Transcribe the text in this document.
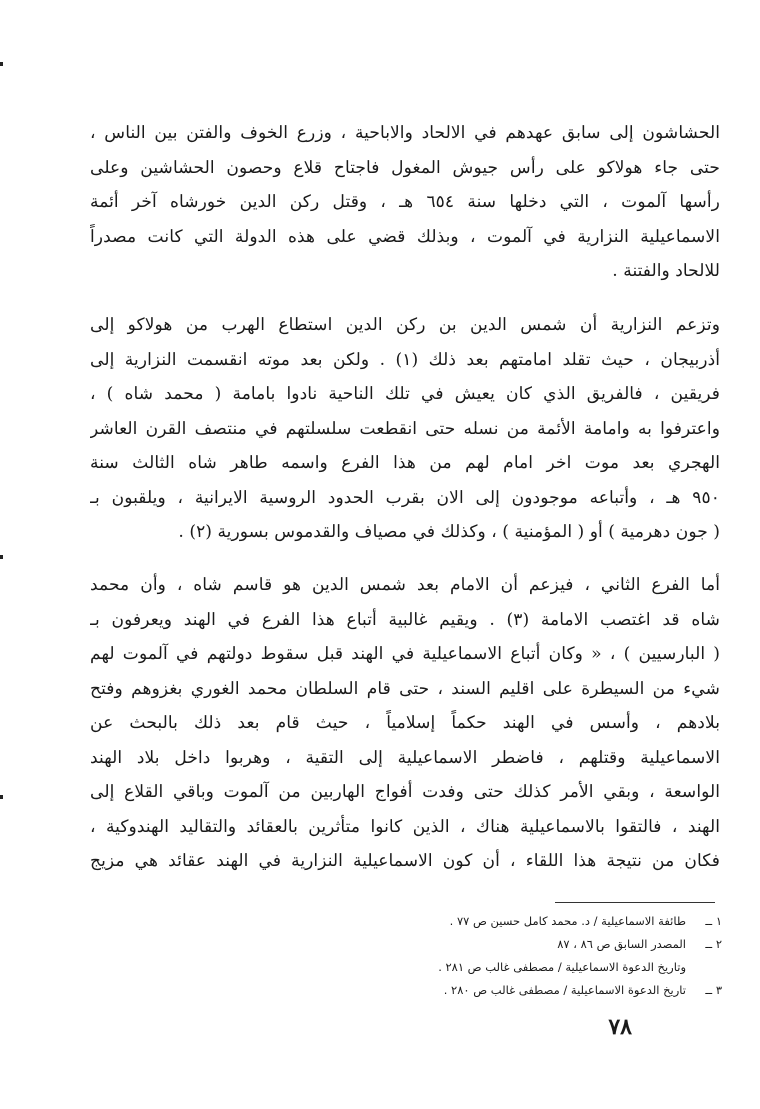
الحشاشون إلى سابق عهدهم في الالحاد والاباحية ، وزرع الخوف والفتن بين الناس ،
حتى جاء هولاكو على رأس جيوش المغول فاجتاح قلاع وحصون الحشاشين وعلى
رأسها آلموت ، التي دخلها سنة ٦٥٤ هـ ، وقتل ركن الدين خورشاه آخر أئمة
الاسماعيلية النزارية في آلموت ، وبذلك قضي على هذه الدولة التي كانت مصدراً
للالحاد والفتنة .
وتزعم النزارية أن شمس الدين بن ركن الدين استطاع الهرب من هولاكو إلى
أذربيجان ، حيث تقلد امامتهم بعد ذلك (١) . ولكن بعد موته انقسمت النزارية إلى
فريقين ، فالفريق الذي كان يعيش في تلك الناحية نادوا بامامة ( محمد شاه ) ،
واعترفوا به وامامة الأئمة من نسله حتى انقطعت سلسلتهم في منتصف القرن العاشر
الهجري بعد موت اخر امام لهم من هذا الفرع واسمه طاهر شاه الثالث سنة
٩٥٠ هـ ، وأتباعه موجودون إلى الان بقرب الحدود الروسية الايرانية ، ويلقبون بـ
( جون دهرمية ) أو ( المؤمنية ) ، وكذلك في مصياف والقدموس بسورية (٢) .
أما الفرع الثاني ، فيزعم أن الامام بعد شمس الدين هو قاسم شاه ، وأن محمد
شاه قد اغتصب الامامة (٣) . ويقيم غالبية أتباع هذا الفرع في الهند ويعرفون بـ
( البارسيين ) ، « وكان أتباع الاسماعيلية في الهند قبل سقوط دولتهم في آلموت لهم
شيء من السيطرة على اقليم السند ، حتى قام السلطان محمد الغوري بغزوهم وفتح
بلادهم ، وأسس في الهند حكماً إسلامياً ، حيث قام بعد ذلك بالبحث عن
الاسماعيلية وقتلهم ، فاضطر الاسماعيلية إلى التقية ، وهربوا داخل بلاد الهند
الواسعة ، وبقي الأمر كذلك حتى وفدت أفواج الهاربين من آلموت وباقي القلاع إلى
الهند ، فالتقوا بالاسماعيلية هناك ، الذين كانوا متأثرين بالعقائد والتقاليد الهندوكية ،
فكان من نتيجة هذا اللقاء ، أن كون الاسماعيلية النزارية في الهند عقائد هي مزيج
١ ــ
طائفة الاسماعيلية / د. محمد كامل حسين ص ٧٧ .
٢ ــ
المصدر السابق ص ٨٦ ، ٨٧
وتاريخ الدعوة الاسماعيلية / مصطفى غالب ص ٢٨١ .
٣ ــ
تاريخ الدعوة الاسماعيلية / مصطفى غالب ص ٢٨٠ .
٧٨
